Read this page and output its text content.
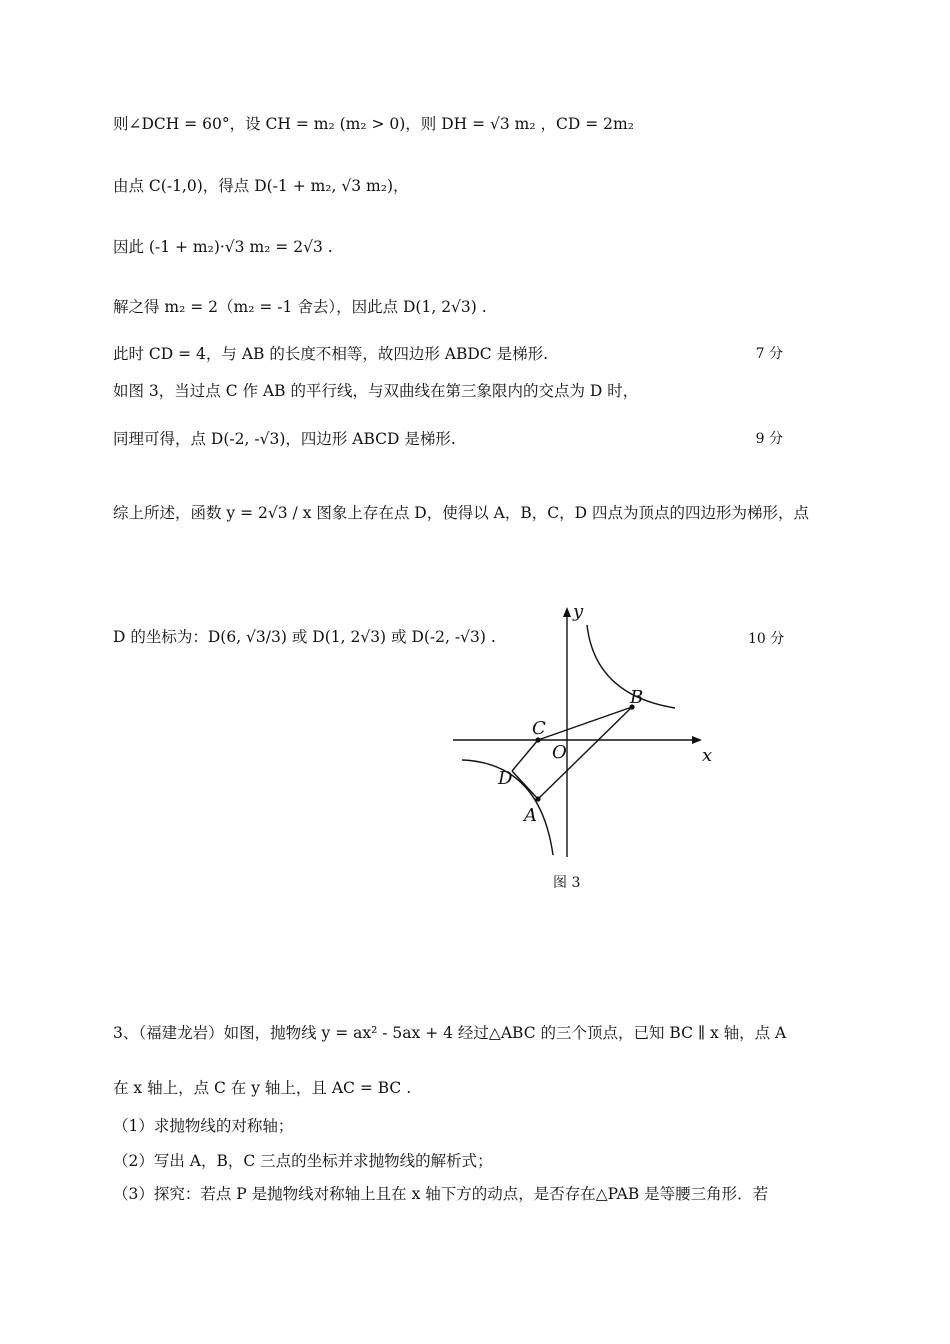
则∠DCH = 60°，设 CH = m₂ (m₂ > 0)，则 DH = √3 m₂ ，CD = 2m₂
由点 C(-1,0)，得点 D(-1 + m₂, √3 m₂)，
因此 (-1 + m₂)·√3 m₂ = 2√3 .
解之得 m₂ = 2（m₂ = -1 舍去），因此点 D(1, 2√3) .
此时 CD = 4，与 AB 的长度不相等，故四边形 ABDC 是梯形.	7 分
如图 3，当过点 C 作 AB 的平行线，与双曲线在第三象限内的交点为 D 时，
同理可得，点 D(-2, -√3)，四边形 ABCD 是梯形.	9 分
综上所述，函数 y = 2√3 / x 图象上存在点 D，使得以 A，B，C，D 四点为顶点的四边形为梯形，点
D 的坐标为：D(6, √3/3) 或 D(1, 2√3) 或 D(-2, -√3) .	10 分
x
y
O
A
B
C
D
图 3
3、（福建龙岩）如图，抛物线 y = ax² - 5ax + 4 经过△ABC 的三个顶点，已知 BC ∥ x 轴，点 A
在 x 轴上，点 C 在 y 轴上，且 AC = BC .
（1）求抛物线的对称轴；
（2）写出 A，B，C 三点的坐标并求抛物线的解析式；
（3）探究：若点 P 是抛物线对称轴上且在 x 轴下方的动点，是否存在△PAB 是等腰三角形．若
